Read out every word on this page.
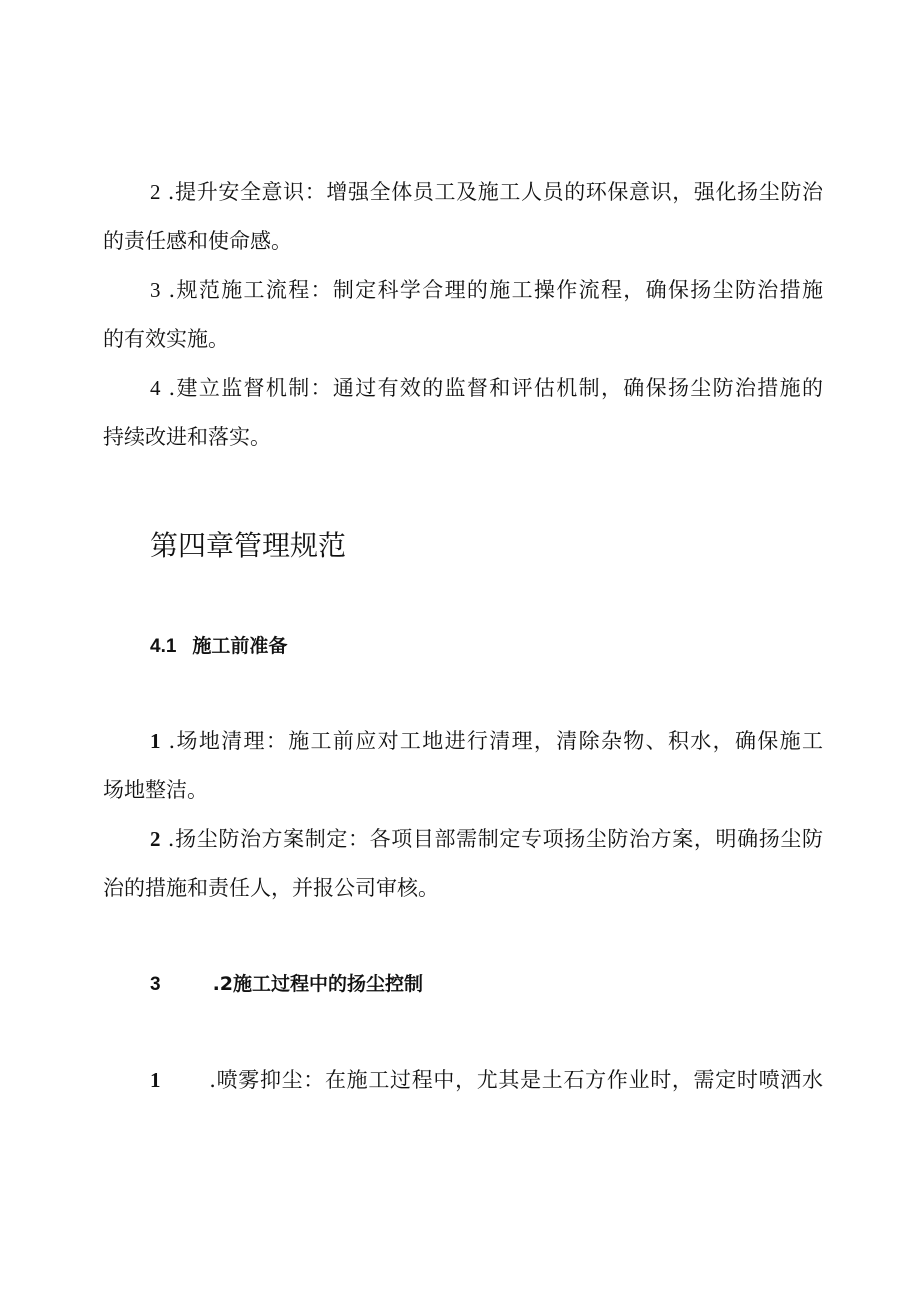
2 .提升安全意识：增强全体员工及施工人员的环保意识，强化扬尘防治
的责任感和使命感。
3 .规范施工流程：制定科学合理的施工操作流程，确保扬尘防治措施
的有效实施。
4 .建立监督机制：通过有效的监督和评估机制，确保扬尘防治措施的
持续改进和落实。
第四章管理规范
4.1 施工前准备
1 .场地清理：施工前应对工地进行清理，清除杂物、积水，确保施工
场地整洁。
2 .扬尘防治方案制定：各项目部需制定专项扬尘防治方案，明确扬尘防
治的措施和责任人，并报公司审核。
3	.2施工过程中的扬尘控制
1 .喷雾抑尘：在施工过程中，尤其是土石方作业时，需定时喷洒水
